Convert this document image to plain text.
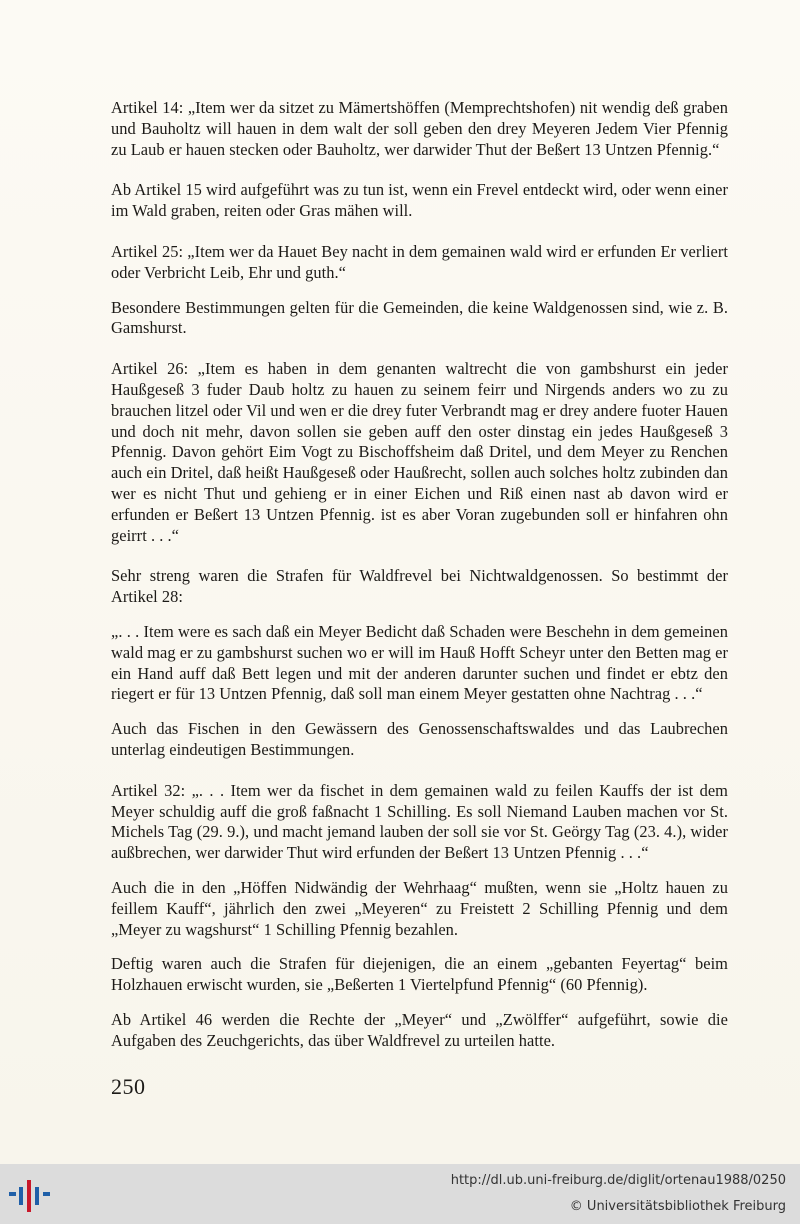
Artikel 14: „Item wer da sitzet zu Mämertshöffen (Memprechtshofen) nit wendig deß graben und Bauholtz will hauen in dem walt der soll geben den drey Meyeren Jedem Vier Pfennig zu Laub er hauen stecken oder Bauholtz, wer darwider Thut der Beßert 13 Untzen Pfennig.“

Ab Artikel 15 wird aufgeführt was zu tun ist, wenn ein Frevel entdeckt wird, oder wenn einer im Wald graben, reiten oder Gras mähen will.

Artikel 25: „Item wer da Hauet Bey nacht in dem gemainen wald wird er erfunden Er verliert oder Verbricht Leib, Ehr und guth.“

Besondere Bestimmungen gelten für die Gemeinden, die keine Waldgenossen sind, wie z. B. Gamshurst.

Artikel 26: „Item es haben in dem genanten waltrecht die von gambshurst ein jeder Haußgeseß 3 fuder Daub holtz zu hauen zu seinem feirr und Nirgends anders wo zu zu brauchen litzel oder Vil und wen er die drey futer Verbrandt mag er drey andere fuoter Hauen und doch nit mehr, davon sollen sie geben auff den oster dinstag ein jedes Haußgeseß 3 Pfennig. Davon gehört Eim Vogt zu Bischoffsheim daß Dritel, und dem Meyer zu Renchen auch ein Dritel, daß heißt Haußgeseß oder Haußrecht, sollen auch solches holtz zubinden dan wer es nicht Thut und gehieng er in einer Eichen und Riß einen nast ab davon wird er erfunden er Beßert 13 Untzen Pfennig. ist es aber Voran zugebunden soll er hinfahren ohn geirrt . . .“

Sehr streng waren die Strafen für Waldfrevel bei Nichtwaldgenossen. So bestimmt der Artikel 28:

„. . . Item were es sach daß ein Meyer Bedicht daß Schaden were Beschehn in dem gemeinen wald mag er zu gambshurst suchen wo er will im Hauß Hofft Scheyr unter den Betten mag er ein Hand auff daß Bett legen und mit der anderen darunter suchen und findet er ebtz den riegert er für 13 Untzen Pfennig, daß soll man einem Meyer gestatten ohne Nachtrag . . .“

Auch das Fischen in den Gewässern des Genossenschaftswaldes und das Laubrechen unterlag eindeutigen Bestimmungen.

Artikel 32: „. . . Item wer da fischet in dem gemainen wald zu feilen Kauffs der ist dem Meyer schuldig auff die groß faßnacht 1 Schilling. Es soll Niemand Lauben machen vor St. Michels Tag (29. 9.), und macht jemand lauben der soll sie vor St. Geörgy Tag (23. 4.), wider außbrechen, wer darwider Thut wird erfunden der Beßert 13 Untzen Pfennig . . .“

Auch die in den „Höffen Nidwändig der Wehrhaag“ mußten, wenn sie „Holtz hauen zu feillem Kauff“, jährlich den zwei „Meyeren“ zu Freistett 2 Schilling Pfennig und dem „Meyer zu wagshurst“ 1 Schilling Pfennig bezahlen.

Deftig waren auch die Strafen für diejenigen, die an einem „gebanten Feyertag“ beim Holzhauen erwischt wurden, sie „Beßerten 1 Viertelpfund Pfennig“ (60 Pfennig).

Ab Artikel 46 werden die Rechte der „Meyer“ und „Zwölffer“ aufgeführt, sowie die Aufgaben des Zeuchgerichts, das über Waldfrevel zu urteilen hatte.

250
http://dl.ub.uni-freiburg.de/diglit/ortenau1988/0250
© Universitätsbibliothek Freiburg
